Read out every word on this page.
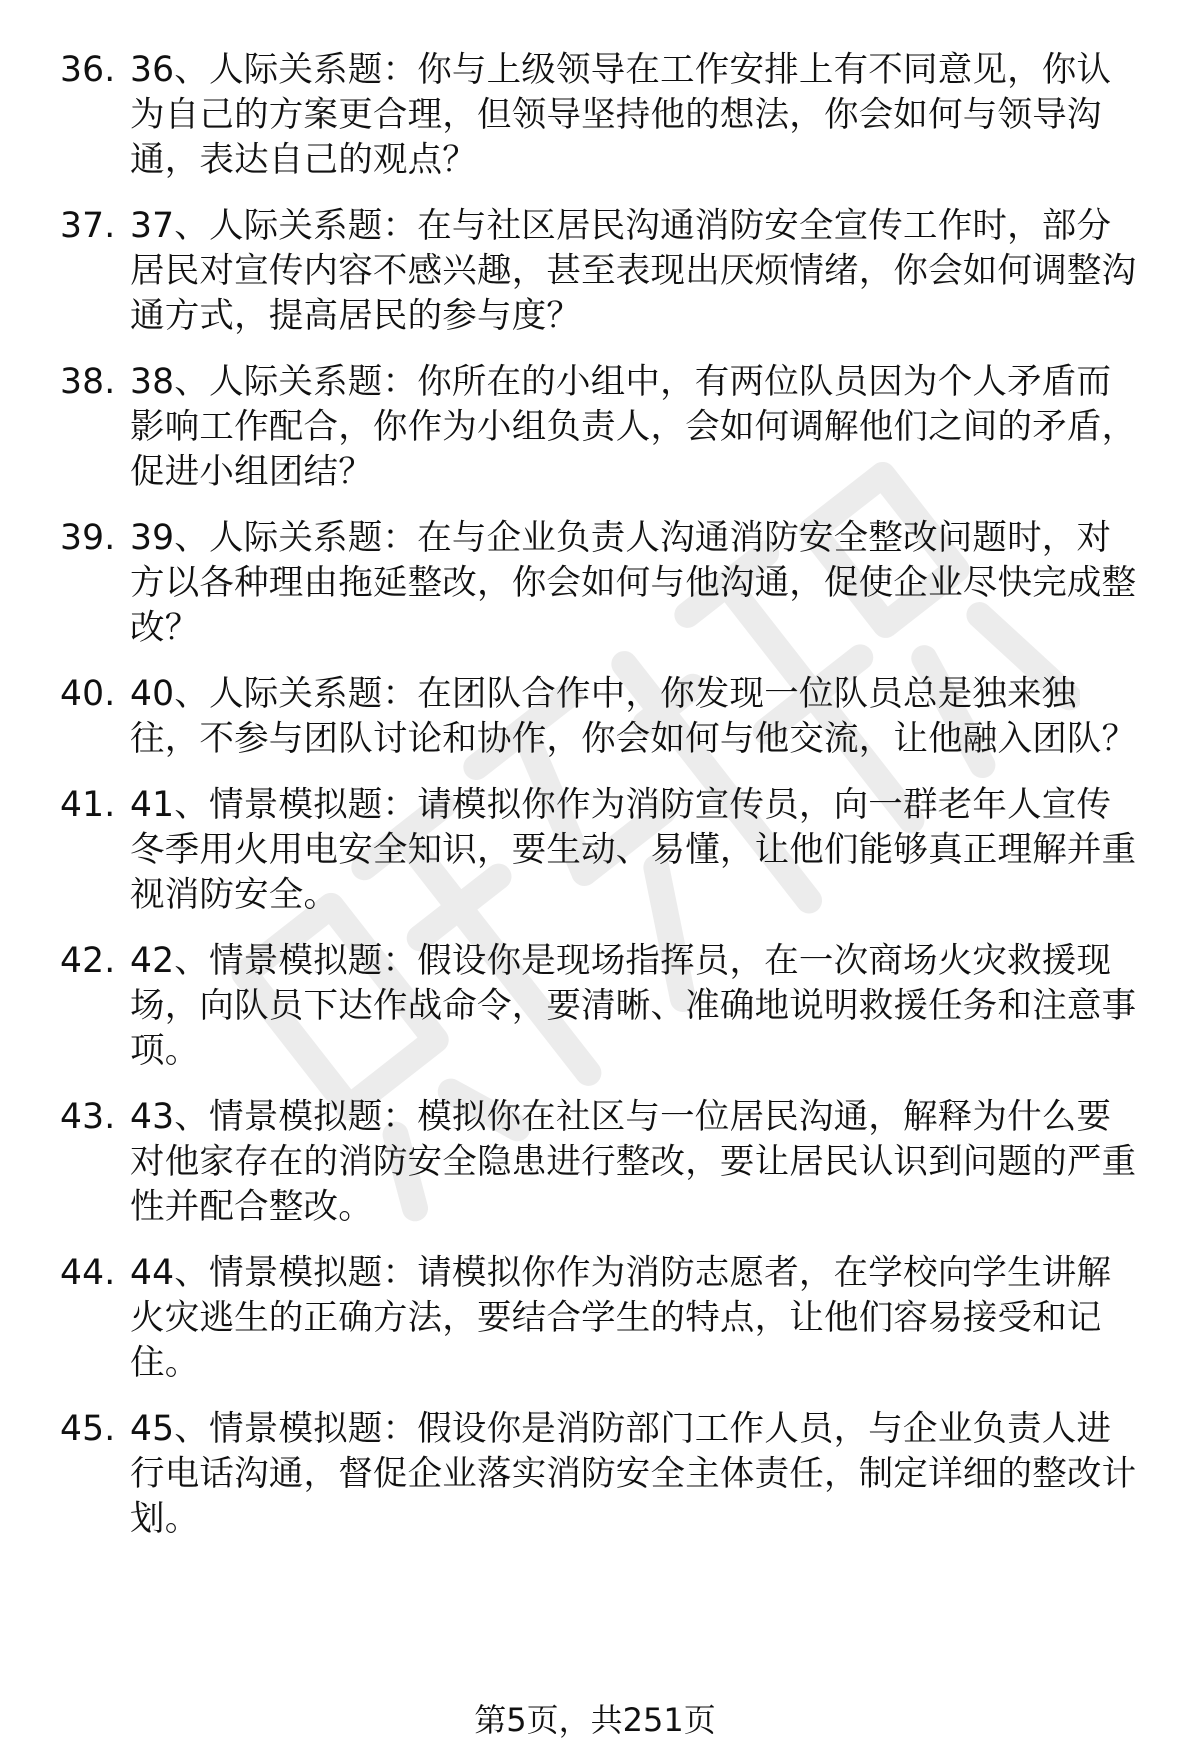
36. 36、人际关系题：你与上级领导在工作安排上有不同意见，你认为自己的方案更合理，但领导坚持他的想法，你会如何与领导沟通，表达自己的观点？
37. 37、人际关系题：在与社区居民沟通消防安全宣传工作时，部分居民对宣传内容不感兴趣，甚至表现出厌烦情绪，你会如何调整沟通方式，提高居民的参与度？
38. 38、人际关系题：你所在的小组中，有两位队员因为个人矛盾而影响工作配合，你作为小组负责人，会如何调解他们之间的矛盾，促进小组团结？
39. 39、人际关系题：在与企业负责人沟通消防安全整改问题时，对方以各种理由拖延整改，你会如何与他沟通，促使企业尽快完成整改？
40. 40、人际关系题：在团队合作中，你发现一位队员总是独来独往，不参与团队讨论和协作，你会如何与他交流，让他融入团队？
41. 41、情景模拟题：请模拟你作为消防宣传员，向一群老年人宣传冬季用火用电安全知识，要生动、易懂，让他们能够真正理解并重视消防安全。
42. 42、情景模拟题：假设你是现场指挥员，在一次商场火灾救援现场，向队员下达作战命令，要清晰、准确地说明救援任务和注意事项。
43. 43、情景模拟题：模拟你在社区与一位居民沟通，解释为什么要对他家存在的消防安全隐患进行整改，要让居民认识到问题的严重性并配合整改。
44. 44、情景模拟题：请模拟你作为消防志愿者，在学校向学生讲解火灾逃生的正确方法，要结合学生的特点，让他们容易接受和记住。
45. 45、情景模拟题：假设你是消防部门工作人员，与企业负责人进行电话沟通，督促企业落实消防安全主体责任，制定详细的整改计划。
第5页，共251页
